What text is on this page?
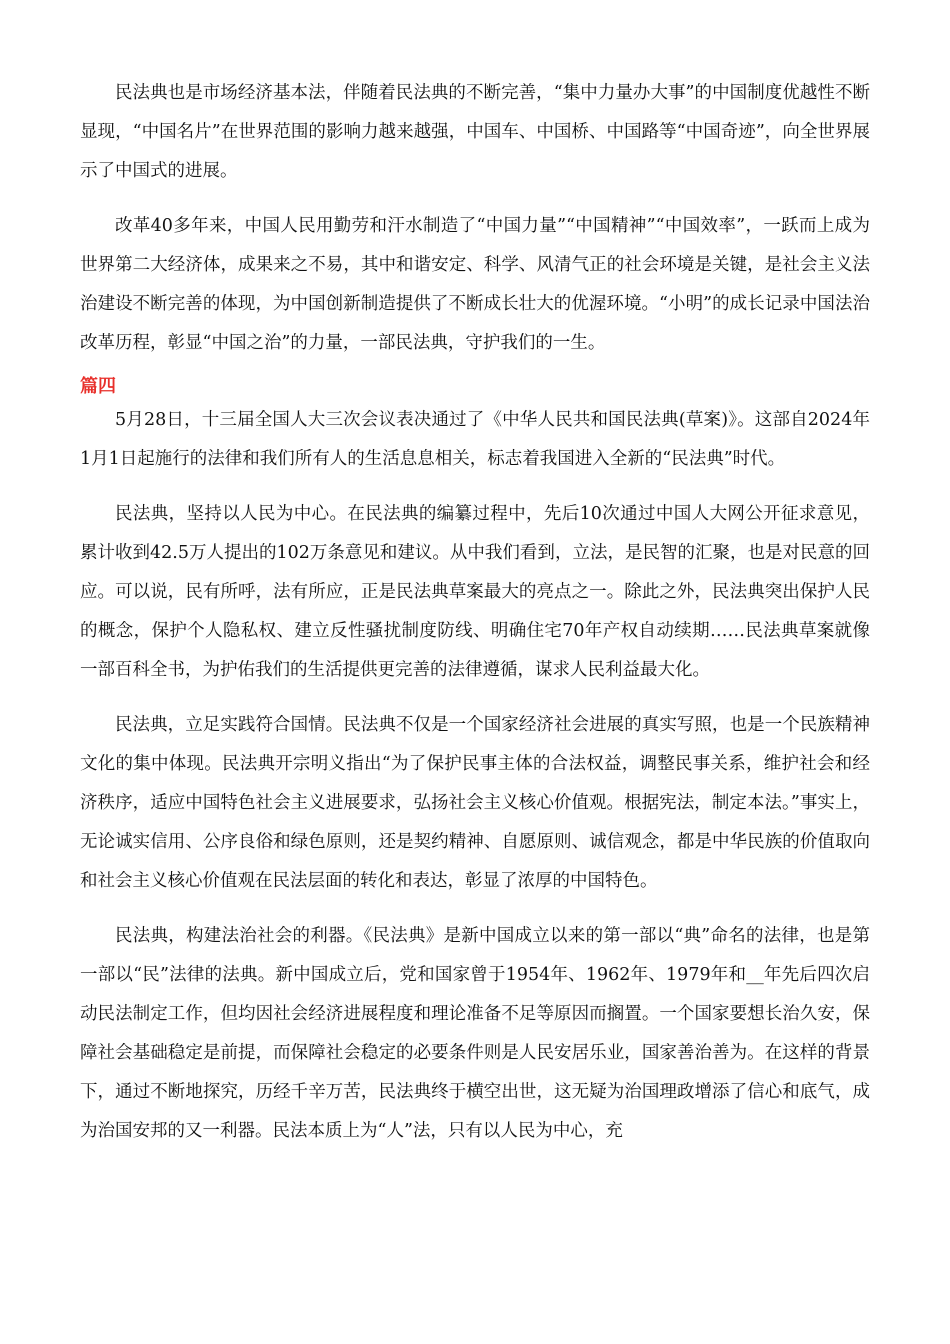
民法典也是市场经济基本法，伴随着民法典的不断完善，“集中力量办大事”的中国制度优越性不断显现，“中国名片”在世界范围的影响力越来越强，中国车、中国桥、中国路等“中国奇迹”，向全世界展示了中国式的进展。

改革40多年来，中国人民用勤劳和汗水制造了“中国力量”“中国精神”“中国效率”，一跃而上成为世界第二大经济体，成果来之不易，其中和谐安定、科学、风清气正的社会环境是关键，是社会主义法治建设不断完善的体现，为中国创新制造提供了不断成长壮大的优渥环境。“小明”的成长记录中国法治改革历程，彰显“中国之治”的力量，一部民法典，守护我们的一生。

篇四

5月28日，十三届全国人大三次会议表决通过了《中华人民共和国民法典(草案)》。这部自2024年1月1日起施行的法律和我们所有人的生活息息相关，标志着我国进入全新的“民法典”时代。

民法典，坚持以人民为中心。在民法典的编纂过程中，先后10次通过中国人大网公开征求意见，累计收到42.5万人提出的102万条意见和建议。从中我们看到，立法，是民智的汇聚，也是对民意的回应。可以说，民有所呼，法有所应，正是民法典草案最大的亮点之一。除此之外，民法典突出保护人民的概念，保护个人隐私权、建立反性骚扰制度防线、明确住宅70年产权自动续期……民法典草案就像一部百科全书，为护佑我们的生活提供更完善的法律遵循，谋求人民利益最大化。

民法典，立足实践符合国情。民法典不仅是一个国家经济社会进展的真实写照，也是一个民族精神文化的集中体现。民法典开宗明义指出“为了保护民事主体的合法权益，调整民事关系，维护社会和经济秩序，适应中国特色社会主义进展要求，弘扬社会主义核心价值观。根据宪法，制定本法。”事实上，无论诚实信用、公序良俗和绿色原则，还是契约精神、自愿原则、诚信观念，都是中华民族的价值取向和社会主义核心价值观在民法层面的转化和表达，彰显了浓厚的中国特色。

民法典，构建法治社会的利器。《民法典》是新中国成立以来的第一部以“典”命名的法律，也是第一部以“民”法律的法典。新中国成立后，党和国家曾于1954年、1962年、1979年和__年先后四次启动民法制定工作，但均因社会经济进展程度和理论准备不足等原因而搁置。一个国家要想长治久安，保障社会基础稳定是前提，而保障社会稳定的必要条件则是人民安居乐业，国家善治善为。在这样的背景下，通过不断地探究，历经千辛万苦，民法典终于横空出世，这无疑为治国理政增添了信心和底气，成为治国安邦的又一利器。民法本质上为“人”法，只有以人民为中心，充
